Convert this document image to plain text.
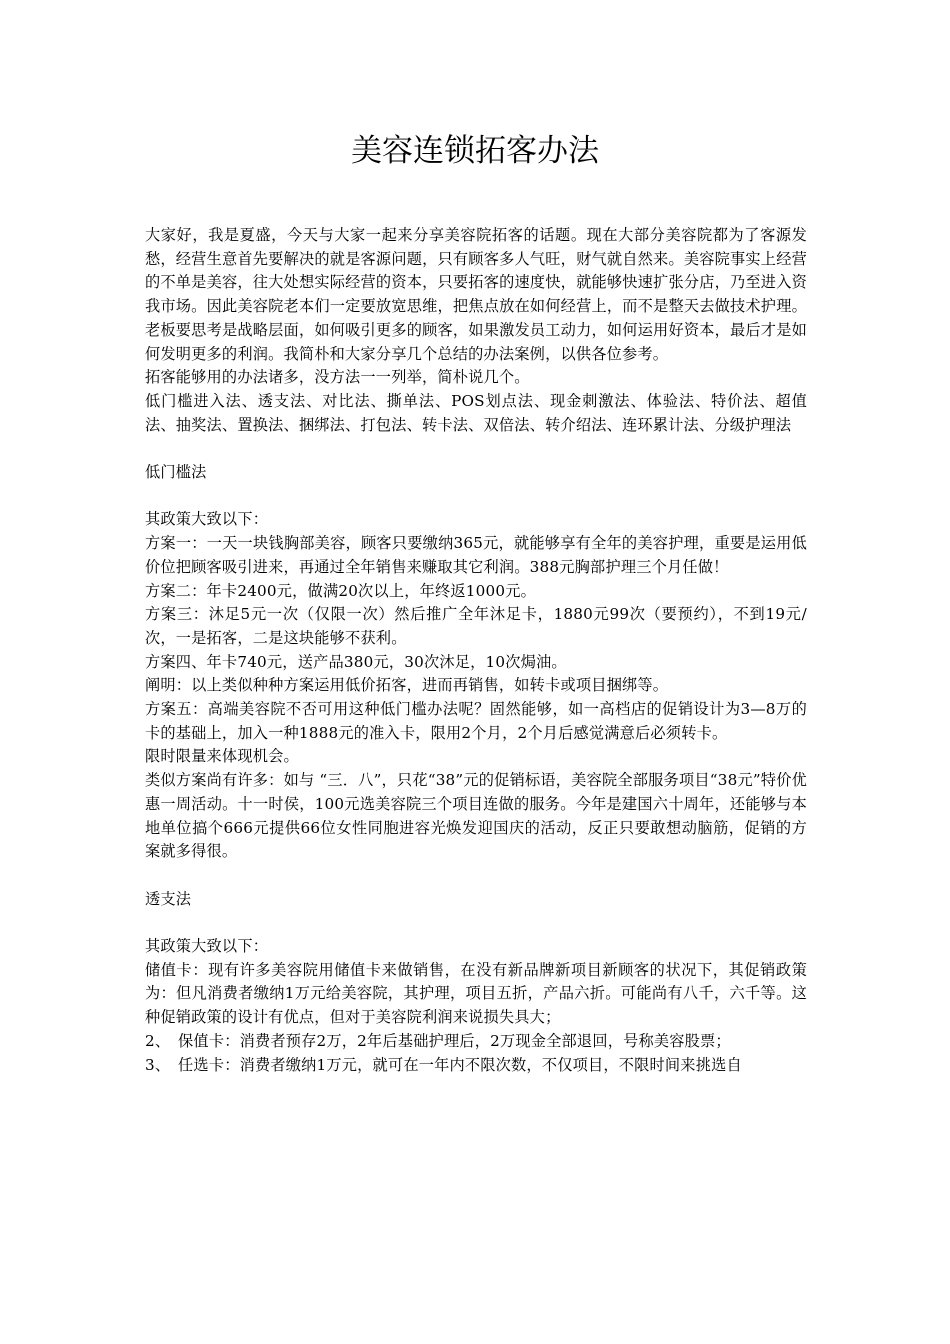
美容连锁拓客办法

大家好，我是夏盛，今天与大家一起来分享美容院拓客的话题。现在大部分美容院都为了客源发愁，经营生意首先要解决的就是客源问题，只有顾客多人气旺，财气就自然来。美容院事实上经营的不单是美容，往大处想实际经营的资本，只要拓客的速度快，就能够快速扩张分店，乃至进入资我市场。因此美容院老本们一定要放宽思维，把焦点放在如何经营上，而不是整天去做技术护理。老板要思考是战略层面，如何吸引更多的顾客，如果激发员工动力，如何运用好资本，最后才是如何发明更多的利润。我简朴和大家分享几个总结的办法案例，以供各位参考。

拓客能够用的办法诸多，没方法一一列举，简朴说几个。

低门槛进入法、透支法、对比法、撕单法、POS划点法、现金刺激法、体验法、特价法、超值法、抽奖法、置换法、捆绑法、打包法、转卡法、双倍法、转介绍法、连环累计法、分级护理法

低门槛法

其政策大致以下：

方案一：一天一块钱胸部美容，顾客只要缴纳365元，就能够享有全年的美容护理，重要是运用低价位把顾客吸引进来，再通过全年销售来赚取其它利润。388元胸部护理三个月任做！

方案二：年卡2400元，做满20次以上，年终返1000元。

方案三：沐足5元一次（仅限一次）然后推广全年沐足卡，1880元99次（要预约），不到19元/次，一是拓客，二是这块能够不获利。

方案四、年卡740元，送产品380元，30次沐足，10次焗油。

阐明：以上类似种种方案运用低价拓客，进而再销售，如转卡或项目捆绑等。

方案五：高端美容院不否可用这种低门槛办法呢？固然能够，如一高档店的促销设计为3—8万的卡的基础上，加入一种1888元的准入卡，限用2个月，2个月后感觉满意后必须转卡。

限时限量来体现机会。

类似方案尚有许多：如与 “三．八”，只花“38”元的促销标语，美容院全部服务项目“38元”特价优惠一周活动。十一时侯，100元选美容院三个项目连做的服务。今年是建国六十周年，还能够与本地单位搞个666元提供66位女性同胞进容光焕发迎国庆的活动，反正只要敢想动脑筋，促销的方案就多得很。

透支法

其政策大致以下：

储值卡：现有许多美容院用储值卡来做销售，在没有新品牌新项目新顾客的状况下，其促销政策为：但凡消费者缴纳1万元给美容院，其护理，项目五折，产品六折。可能尚有八千，六千等。这种促销政策的设计有优点，但对于美容院利润来说损失具大；

2、　保值卡：消费者预存2万，2年后基础护理后，2万现金全部退回，号称美容股票；

3、　任选卡：消费者缴纳1万元，就可在一年内不限次数，不仅项目，不限时间来挑选自
